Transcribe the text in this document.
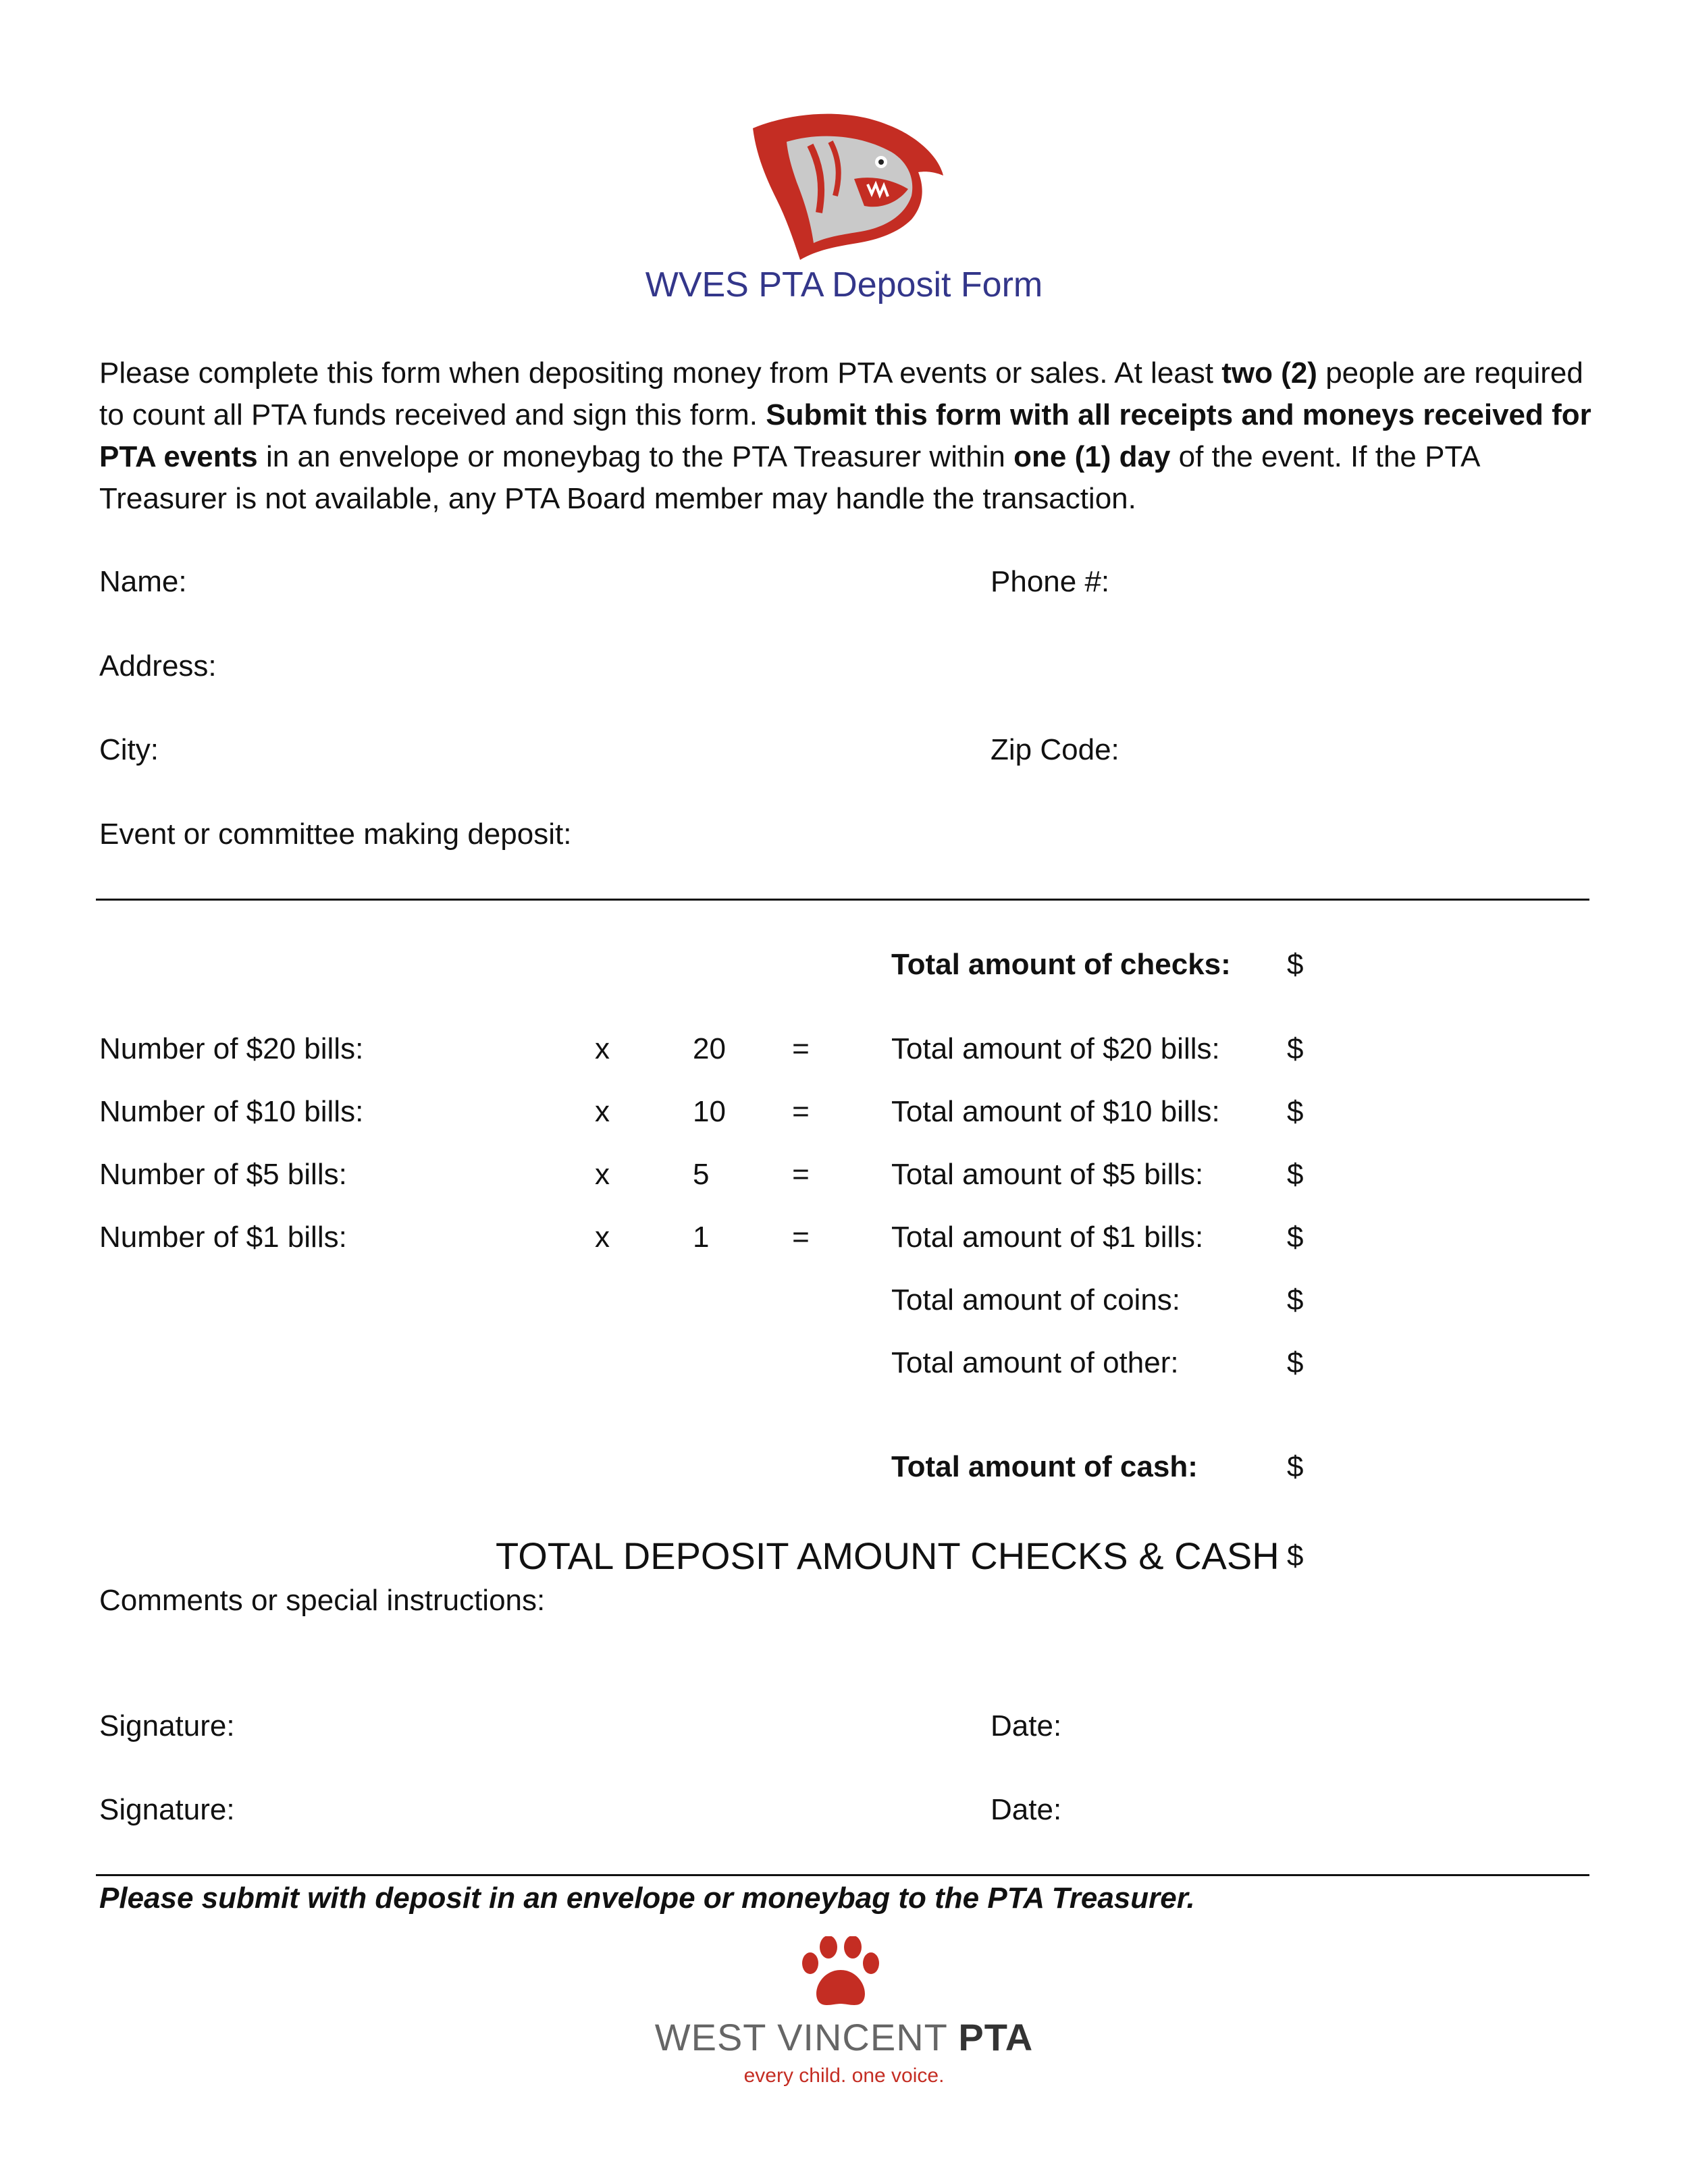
WVES PTA Deposit Form
Please complete this form when depositing money from PTA events or sales. At least two (2) people are required to count all PTA funds received and sign this form. Submit this form with all receipts and moneys received for PTA events in an envelope or moneybag to the PTA Treasurer within one (1) day of the event. If the PTA Treasurer is not available, any PTA Board member may handle the transaction.
Name:	Phone #:
Address:
City:	Zip Code:
Event or committee making deposit:
Total amount of checks: $
Number of $20 bills:	x	20	=	Total amount of $20 bills: $
Number of $10 bills:	x	10	=	Total amount of $10 bills: $
Number of $5 bills:	x	5	=	Total amount of $5 bills:	$
Number of $1 bills:	x	1	=	Total amount of $1 bills:	$
Total amount of coins:	$
Total amount of other:	$
Total amount of cash:	$
TOTAL DEPOSIT AMOUNT CHECKS & CASH $
Comments or special instructions:
Signature:	Date:
Signature:	Date:
Please submit with deposit in an envelope or moneybag to the PTA Treasurer.
WEST VINCENT PTA
every child. one voice.
